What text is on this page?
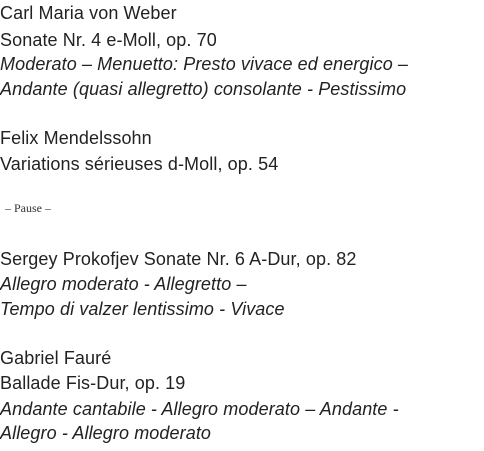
Carl Maria von Weber
Sonate Nr. 4 e-Moll, op. 70
Moderato – Menuetto: Presto vivace ed energico –
Andante (quasi allegretto) consolante - Pestissimo
Felix Mendelssohn
Variations sérieuses d-Moll, op. 54
– Pause –
Sergey Prokofjev Sonate Nr. 6 A-Dur, op. 82
Allegro moderato - Allegretto –
Tempo di valzer lentissimo - Vivace
Gabriel Fauré
Ballade Fis-Dur, op. 19
Andante cantabile - Allegro moderato – Andante -
Allegro - Allegro moderato
